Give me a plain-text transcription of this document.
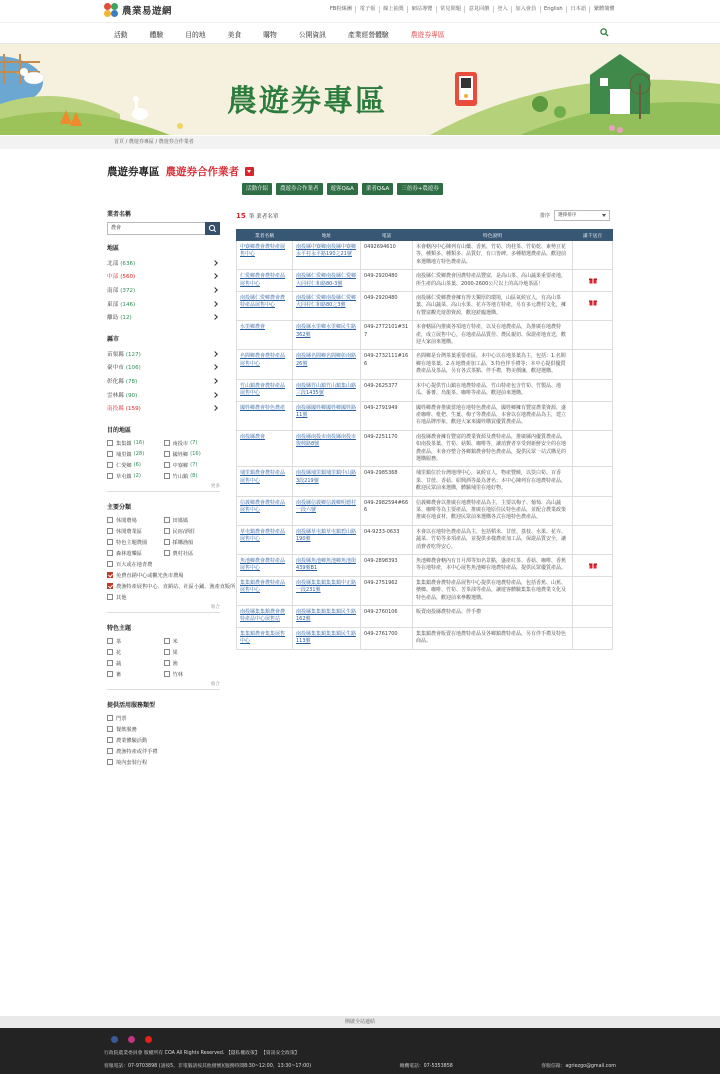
農業易遊網	FB粉絲團	電子報	線上抽獎	網站導覽	常見問題	意見回饋	登入	加入會員	English	日本語	繁體簡體
活動	體驗	目的地	美食	購物	公開資訊	產業經營體驗	農遊券專區
農遊券專區
首頁 / 農遊券專區 / 農遊券合作業者
農遊券專區 農遊券合作業者
活動介紹	農遊券合作業者	遊客Q&A	業者Q&A	三倍券+農遊券
業者名稱
農會
地區
北部 (636)
中部 (560)
南部 (372)
東部 (146)
離島 (12)
縣市
苗栗縣 (127)
臺中市 (106)
彰化縣 (78)
雲林縣 (90)
南投縣 (159)
目的地區
集集鎮 (16)	南投市 (7)
埔里鎮 (28)	國姓鄉 (16)
仁愛鄉 (6)	中寮鄉 (7)
草屯鎮 (2)	竹山鎮 (8)
更多
主要分類
休閒農場	田媽媽
休閒農業區	民宿/酒莊
特色主題農園	採購漁船
森林遊樂區	農村社區
百大或在地青農
免費直銷中心或觀光魚市農場
農漁特產展售中心、直銷站、社區小鋪、漁產直販所
其他
收合
特色主題
茶	米
花	果
蔬	漁
畜	竹林
收合
提供活用服務類型
門票
餐飲服務
農業體驗活動
農漁特產或伴手禮
境內套裝行程
15 筆 業者名單	排序	選擇排序
業者名稱	地址	電話	特色說明	滿千送百
中寮鄉農會農特產展售中心	南投縣中寮鄉南投縣中寮鄉永平村永平路190之21號	0492694610	本會轄內中心陳列有山藥、香蕉、竹筍、肉桂茶、竹筍乾、東勢豆花等，種類多、種類多、品質好，有口皆碑。多種精選農產品，歡迎前來選購地方特色農產品。	
仁愛鄉農會農特產品展售中心	南投縣仁愛鄉南投縣仁愛鄉大同村仁和路80-3號	049-2920480	南投縣仁愛鄉農會因農特產品豐富，是高山茶、高山蔬果重要產地，所生產的高山茶葉、2000-2600公尺以上的高冷地茶區！	
南投縣仁愛鄉農會農特產品展售中心	南投縣仁愛鄉南投縣仁愛鄉大同村仁和路80之3號	049-2920480	南投縣仁愛鄉農會擁有得天獨厚的環境，山區氣候宜人，有高山茶葉、高山蔬菜、高山水果、花卉等地方特產，另有多元農村文化，擁有豐富觀光遊憩資源，歡迎蒞臨選購。	
水里鄉農會	南投縣水里鄉水里鄉民生路362號	049-2772101#317	本會轄區內推廣各項地方特產，以及在地農產品，為推廣在地農特產，成立展售中心，在地產品品質佳、農民親切、保證產地直送，歡迎大家前來選購。	
名間鄉農會農特產品展售中心	南投縣名間鄉名間鄉彰南路26號	049-2732111#166	名間鄉是台灣茶葉重要產區，本中心以在地茶葉為主，包括：1.名間鄉在地茶葉、2.在地農產加工品、3.特色伴手禮等；本中心提供優質農產品及茶品，另有各式茶點、伴手禮，物美價廉，歡迎選購。	
竹山鎮農會農特產品展售中心	南投縣竹山鎮竹山鎮集山路三段1435號	049-2625377	本中心提供竹山鎮在地農特產品，竹山特產包含竹筍、竹製品、地瓜、番薯、烏龍茶、咖啡等產品，歡迎前來選購。	
國姓鄉農會特色農產	南投縣國姓鄉國姓鄉國姓路11號	049-2791949	國姓鄉農會推廣當地在地特色農產品，國姓鄉擁有豐富農業資源，盛產咖啡、枇杷、生薑、梅子等農產品，本會以在地農產品為主，建立在地品牌形象，歡迎大家來國姓購買優質農產品。	
南投縣農會	南投縣南投市南投縣南投市復興路8號	049-2251170	南投縣農會擁有豐富的農業資源及農特產品，推廣縣內優質農產品，如南投茶葉、竹筍、菇類、咖啡等，讓消費者享受到新鮮安全的在地農產品，本會亦整合各鄉鎮農會特色農產品，提供民眾一站式購足的選購服務。	
埔里鎮農會農特產品展售中心	南投縣埔里鎮埔里鎮中山路3段219號	049-2985368	埔里鎮位於台灣地理中心，氣候宜人，物產豐饒，以筊白筍、百香果、甘蔗、香菇、紹興酒等最為著名；本中心陳列有在地農特產品，歡迎民眾前來選購，體驗埔里在地好物。	
信義鄉農會農特產品展售中心	南投縣信義鄉信義鄉明德村一段六號	049-2982594#666	信義鄉農會以推廣在地農特產品為主，主要以梅子、葡萄、高山蔬菜、咖啡等為主要產品，推廣在地原住民特色產品，並配合農業政策推廣在地食材，歡迎民眾前來選購各式在地特色農產品。	
草屯鎮農會農特產品展售中心	南投縣草屯鎮草屯鎮碧山路190號	04-9233-0633	本會以在地特色農產品為主，包括稻米、甘蔗、荔枝、水果、花卉、蔬菜、竹筍等多項產品，並提供多樣農產加工品，保證品質安全，讓消費者吃得安心。	
魚池鄉農會農特產品展售中心	南投縣魚池鄉魚池鄉魚池街439號B1	049-2898393	魚池鄉農會轄內有日月潭等知名景點，盛產紅茶、香菇、咖啡、香蕉等在地特產，本中心展售魚池鄉在地農特產品，提供民眾優質產品。	
集集鎮農會農特產品展售中心	南投縣集集鎮集集鎮中正路一段231號	049-2751962	集集鎮農會農特產品展售中心提供在地農特產品，包括香蕉、山蕉、檳榔、咖啡、竹筍、苦茶油等產品，讓遊客體驗集集在地農業文化及特色產品，歡迎前來參觀選購。	
南投縣集集鎮農會農特產品中心展售站	南投縣集集鎮集集鎮民生路162號	049-2760106	販賣南投縣農特產品、伴手禮	
集集鎮農會集集展售中心	南投縣集集鎮集集鎮民生路113號	049-2761700	集集鎮農會販賣在地農特產品及各鄉鎮農特產品，另有伴手禮及特色商品。	
開啟全站連結
行政院農業委員會 版權所有 COA All Rights Reserved. 【隱私權政策】 【資訊安全政策】
客服電話：07-9703898 (請按5、非電腦請按其他撥號)(服務時間8:30~12:00、13:30~17:00)	總機電話：07-5353858	客服信箱：agriezgo@gmail.com
